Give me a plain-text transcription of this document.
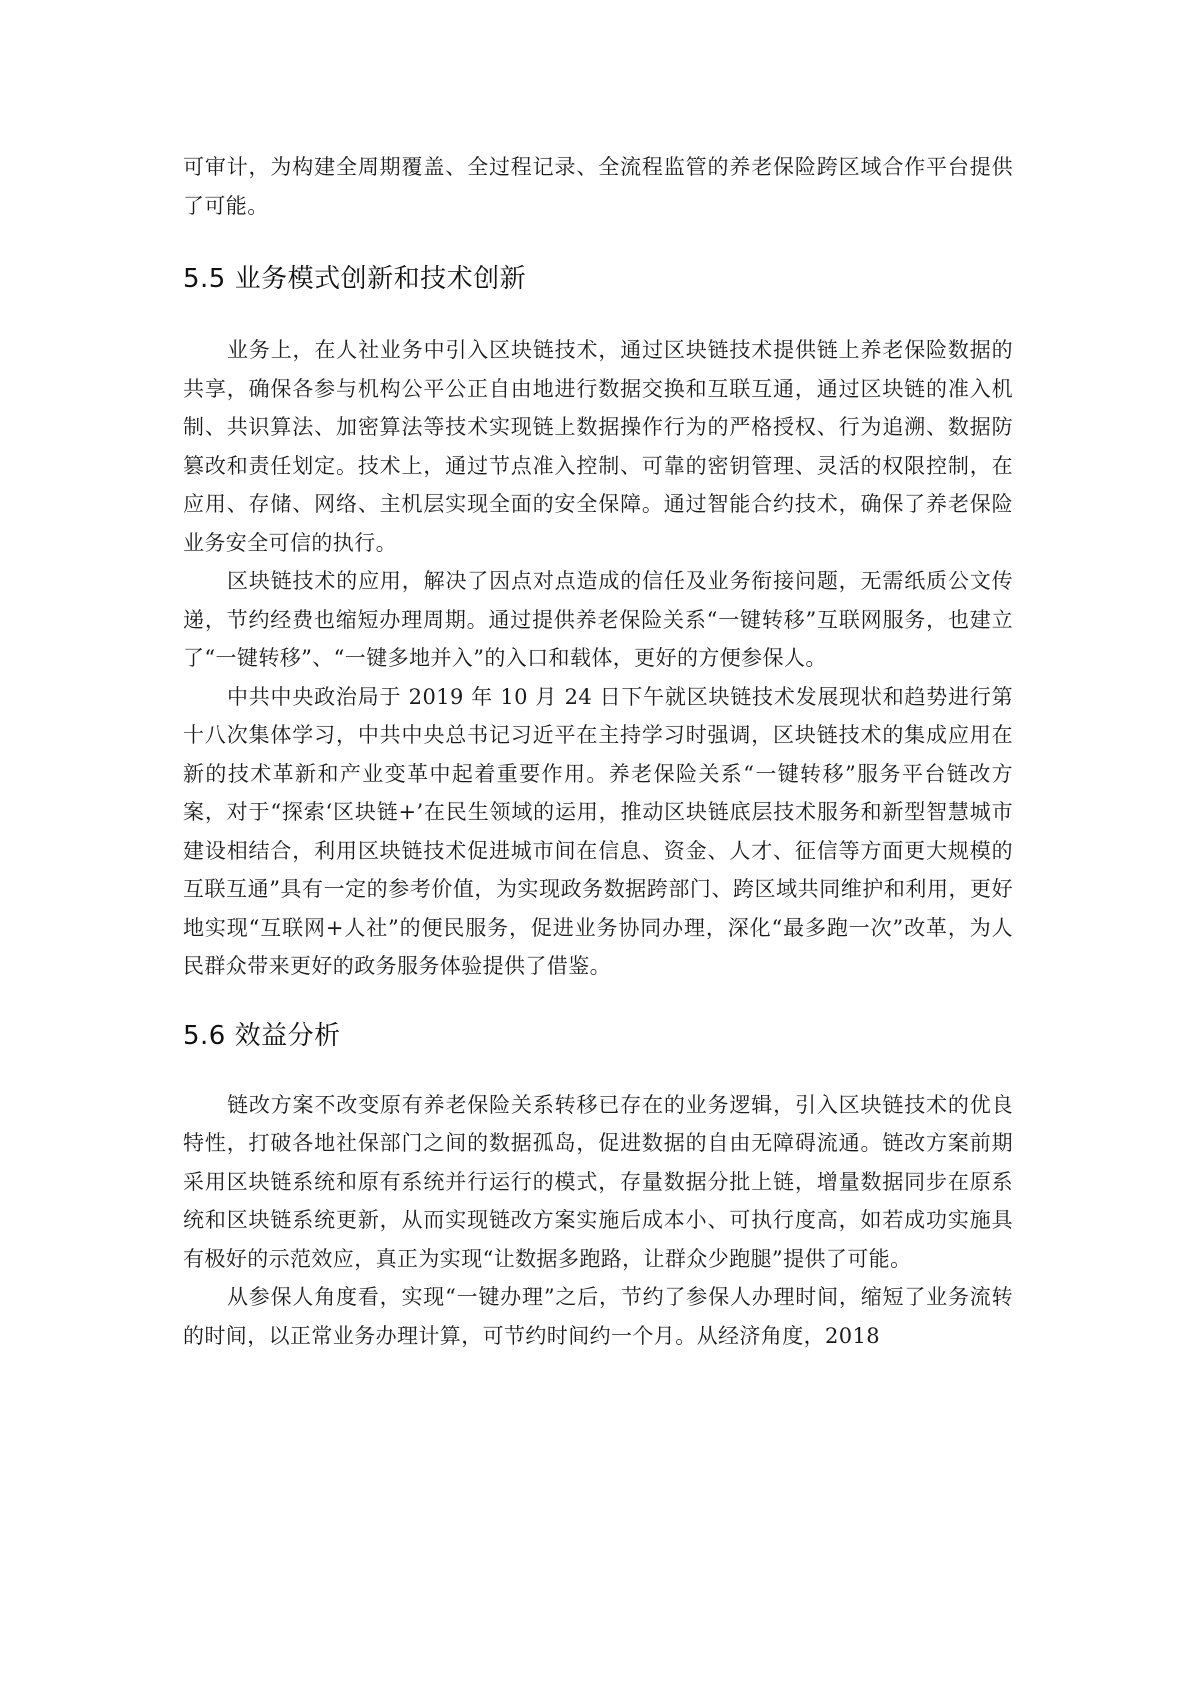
可审计，为构建全周期覆盖、全过程记录、全流程监管的养老保险跨区域合作平台提供了可能。

5.5 业务模式创新和技术创新

业务上，在人社业务中引入区块链技术，通过区块链技术提供链上养老保险数据的共享，确保各参与机构公平公正自由地进行数据交换和互联互通，通过区块链的准入机制、共识算法、加密算法等技术实现链上数据操作行为的严格授权、行为追溯、数据防篡改和责任划定。技术上，通过节点准入控制、可靠的密钥管理、灵活的权限控制，在应用、存储、网络、主机层实现全面的安全保障。通过智能合约技术，确保了养老保险业务安全可信的执行。

区块链技术的应用，解决了因点对点造成的信任及业务衔接问题，无需纸质公文传递，节约经费也缩短办理周期。通过提供养老保险关系“一键转移”互联网服务，也建立了“一键转移”、“一键多地并入”的入口和载体，更好的方便参保人。

中共中央政治局于 2019 年 10 月 24 日下午就区块链技术发展现状和趋势进行第十八次集体学习，中共中央总书记习近平在主持学习时强调，区块链技术的集成应用在新的技术革新和产业变革中起着重要作用。养老保险关系“一键转移”服务平台链改方案，对于“探索‘区块链+’在民生领域的运用，推动区块链底层技术服务和新型智慧城市建设相结合，利用区块链技术促进城市间在信息、资金、人才、征信等方面更大规模的互联互通”具有一定的参考价值，为实现政务数据跨部门、跨区域共同维护和利用，更好地实现“互联网+人社”的便民服务，促进业务协同办理，深化“最多跑一次”改革，为人民群众带来更好的政务服务体验提供了借鉴。

5.6 效益分析

链改方案不改变原有养老保险关系转移已存在的业务逻辑，引入区块链技术的优良特性，打破各地社保部门之间的数据孤岛，促进数据的自由无障碍流通。链改方案前期采用区块链系统和原有系统并行运行的模式，存量数据分批上链，增量数据同步在原系统和区块链系统更新，从而实现链改方案实施后成本小、可执行度高，如若成功实施具有极好的示范效应，真正为实现“让数据多跑路，让群众少跑腿”提供了可能。

从参保人角度看，实现“一键办理”之后，节约了参保人办理时间，缩短了业务流转的时间，以正常业务办理计算，可节约时间约一个月。从经济角度，2018
